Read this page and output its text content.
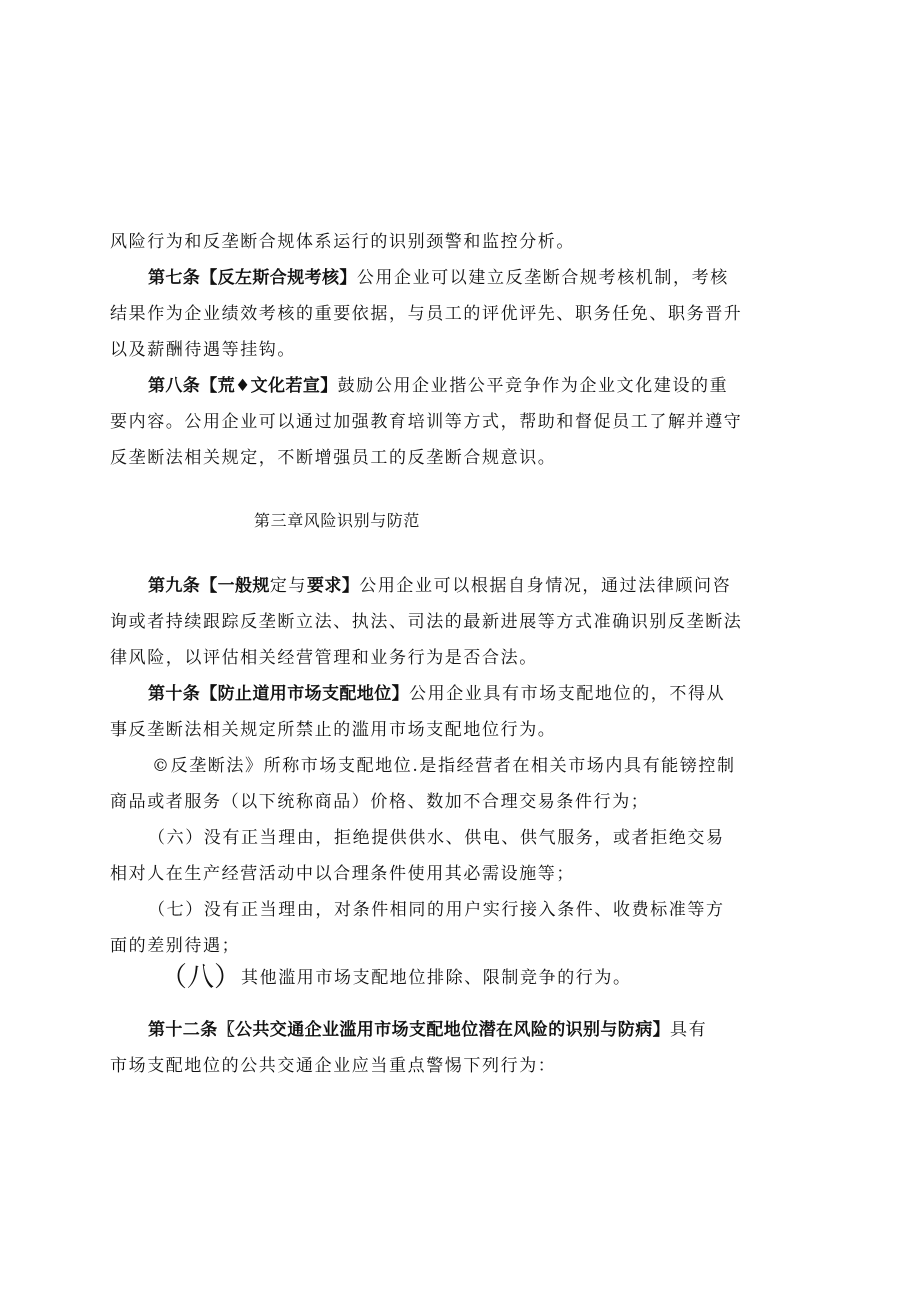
风险行为和反垄断合规体系运行的识别颈警和监控分析。
第七条【反左斯合规考核】公用企业可以建立反垄断合规考核机制，考核
结果作为企业绩效考核的重要依据，与员工的评优评先、职务任免、职务晋升
以及薪酬待遇等挂钩。
第八条【荒♦文化若宣】鼓励公用企业揩公平竞争作为企业文化建设的重
要内容。公用企业可以通过加强教育培训等方式，帮助和督促员工了解并遵守
反垄断法相关规定，不断增强员工的反垄断合规意识。
第三章风险识别与防范
第九条【一般规定与要求】公用企业可以根据自身情况，通过法律顾问咨
询或者持续跟踪反垄断立法、执法、司法的最新进展等方式准确识别反垄断法
律风险，以评估相关经营管理和业务行为是否合法。
第十条【防止道用市场支配地位】公用企业具有市场支配地位的，不得从
事反垄断法相关规定所禁止的滥用市场支配地位行为。
©反垄断法》所称市场支配地位.是指经营者在相关市场内具有能镑控制
商品或者服务（以下统称商品）价格、数加不合理交易条件行为；
（六）没有正当理由，拒绝提供供水、供电、供气服务，或者拒绝交易
相对人在生产经营活动中以合理条件使用其必需设施等；
（七）没有正当理由，对条件相同的用户实行接入条件、收费标准等方
面的差别待遇；
（八）其他滥用市场支配地位排除、限制竞争的行为。
第十二条〖公共交通企业滥用市场支配地位潜在风险的识别与防病】具有
市场支配地位的公共交通企业应当重点警惕下列行为：
